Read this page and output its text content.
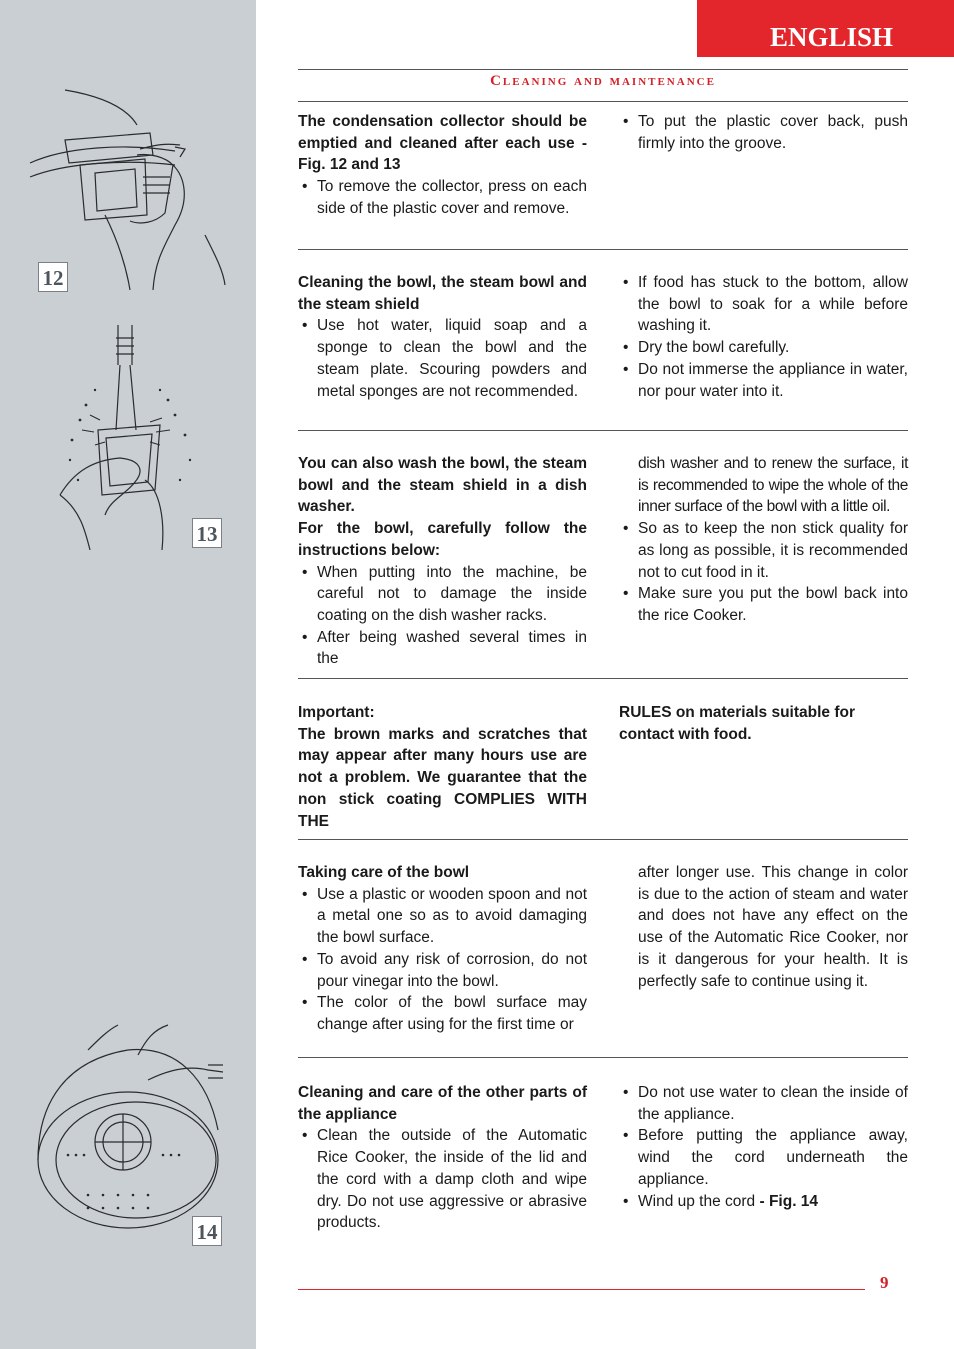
12
13
14
ENGLISH
Cleaning and maintenance

The condensation collector should be emptied and cleaned after each use - Fig. 12 and 13

• To remove the collector, press on each side of the plastic cover and remove.
• To put the plastic cover back, push firmly into the groove.

Cleaning the bowl, the steam bowl and the steam shield

• Use hot water, liquid soap and a sponge to clean the bowl and the steam plate. Scouring powders and metal sponges are not recommended.
• If food has stuck to the bottom, allow the bowl to soak for a while before washing it.
• Dry the bowl carefully.
• Do not immerse the appliance in water, nor pour water into it.

You can also wash the bowl, the steam bowl and the steam shield in a dish washer.

For the bowl, carefully follow the instructions below:

• When putting into the machine, be careful not to damage the inside coating on the dish washer racks.
• After being washed several times in the

dish washer and to renew the surface, it is recommended to wipe the whole of the inner surface of the bowl with a little oil.

• So as to keep the non stick quality for as long as possible, it is recommended not to cut food in it.
• Make sure you put the bowl back into the rice Cooker.

Important:

The brown marks and scratches that may appear after many hours use are not a problem. We guarantee that the non stick coating COMPLIES WITH THE

RULES on materials suitable for contact with food.

Taking care of the bowl

• Use a plastic or wooden spoon and not a metal one so as to avoid damaging the bowl surface.
• To avoid any risk of corrosion, do not pour vinegar into the bowl.
• The color of the bowl surface may change after using for the first time or

after longer use. This change in color is due to the action of steam and water and does not have any effect on the use of the Automatic Rice Cooker, nor is it dangerous for your health. It is perfectly safe to continue using it.

Cleaning and care of the other parts of the appliance

• Clean the outside of the Automatic Rice Cooker, the inside of the lid and the cord with a damp cloth and wipe dry. Do not use aggressive or abrasive products.
• Do not use water to clean the inside of the appliance.
• Before putting the appliance away, wind the cord underneath the appliance.
• Wind up the cord - Fig. 14
9
